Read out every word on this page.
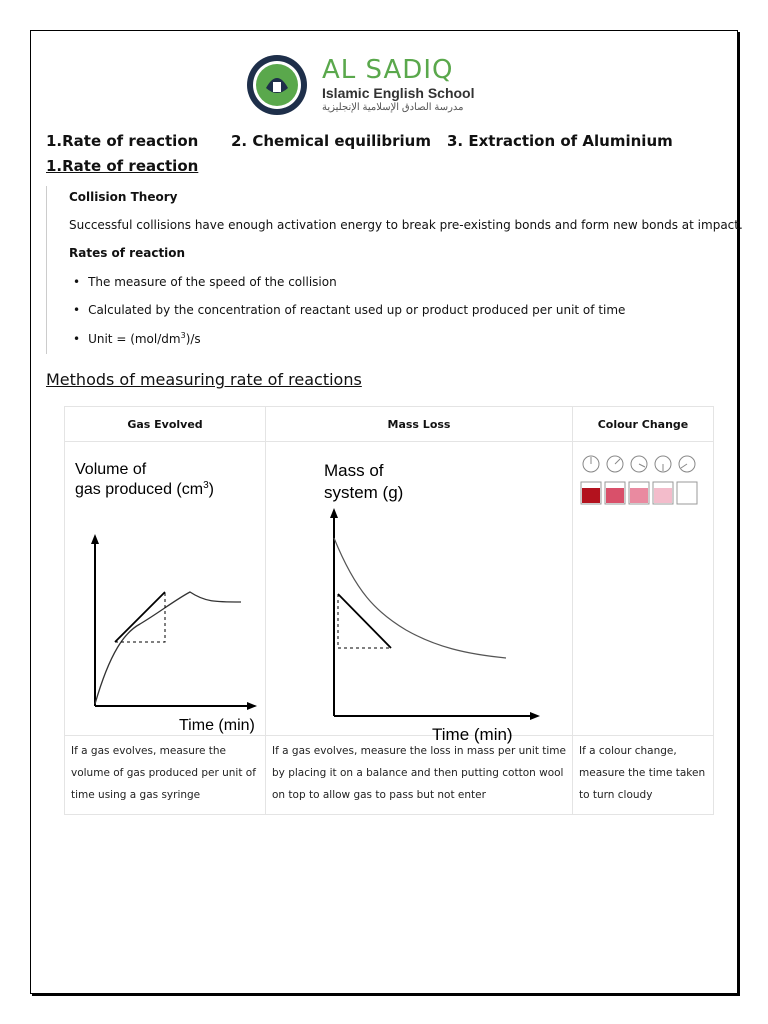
AL SADIQ
Islamic English School
مدرسة الصادق الإسلامية الإنجليزية
1.Rate of reaction 2. Chemical equilibrium 3. Extraction of Aluminium
1.Rate of reaction
Collision Theory
Successful collisions have enough activation energy to break pre-existing bonds and form new bonds at impact.
Rates of reaction
• The measure of the speed of the collision
• Calculated by the concentration of reactant used up or product produced per unit of time
• Unit = $(mol/dm^3)/s$
Methods of measuring rate of reactions
Gas Evolved	Mass Loss	Colour Change

Volume of
gas produced $(cm^3)$
Time (min)	Mass of
system (g)
Time (min)

If a gas evolves, measure the volume of gas produced per unit of time using a gas syringe	If a gas evolves, measure the loss in mass per unit time by placing it on a balance and then putting cotton wool on top to allow gas to pass but not enter	If a colour change, measure the time taken to turn cloudy
